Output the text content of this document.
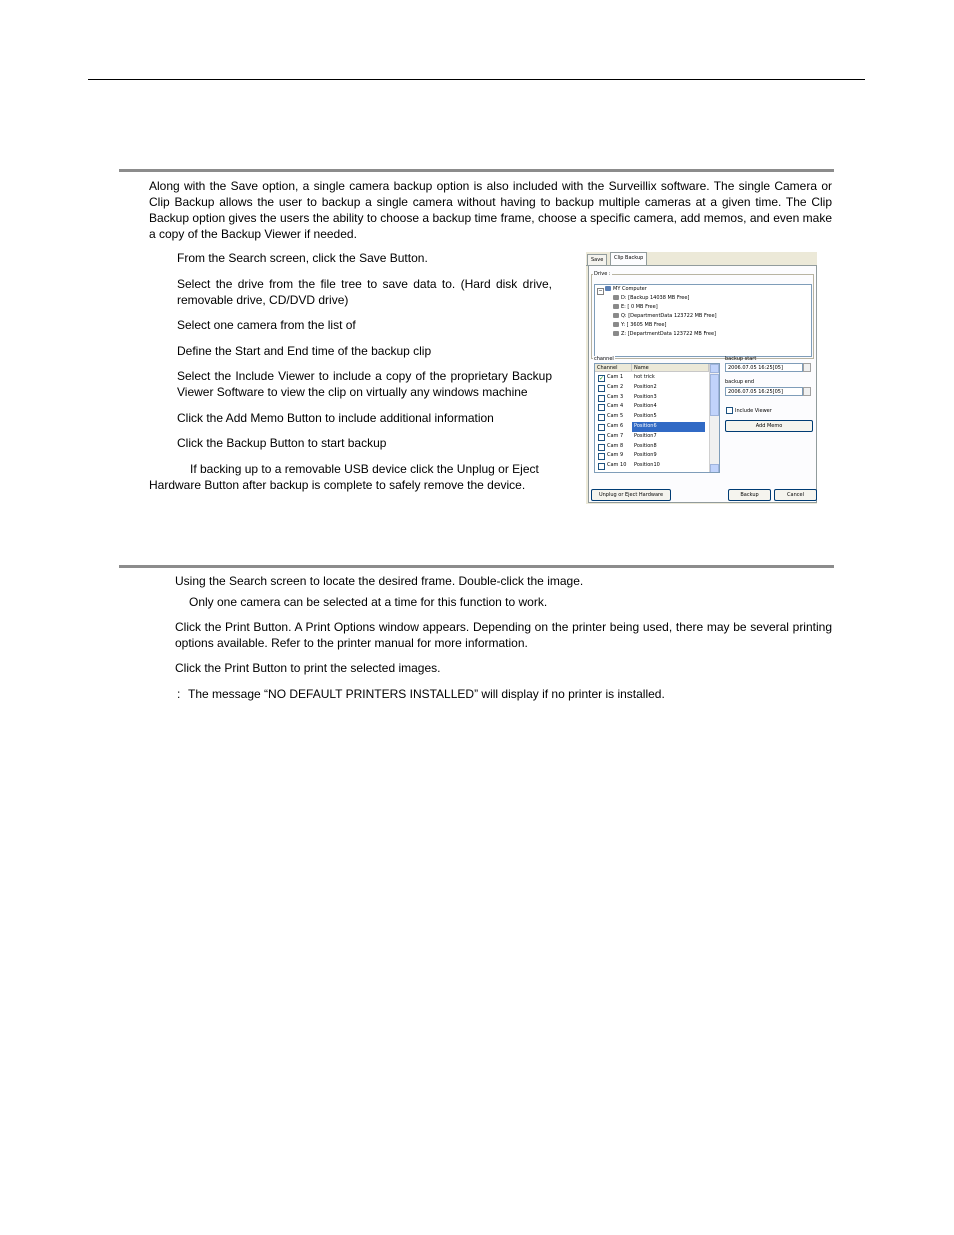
Along with the Save option, a single camera backup option is also included with the Surveillix software. The single Camera or Clip Backup allows the user to backup a single camera without having to backup multiple cameras at a given time. The Clip Backup option gives the users the ability to choose a backup time frame, choose a specific camera, add memos, and even make a copy of the Backup Viewer if needed.
From the Search screen, click the Save Button.
Select the drive from the file tree to save data to. (Hard disk drive, removable drive, CD/DVD drive)
Select one camera from the list of
Define the Start and End time of the backup clip
Select the Include Viewer to include a copy of the proprietary Backup Viewer Software to view the clip on virtually any windows machine
Click the Add Memo Button to include additional information
Click the Backup Button to start backup
If backing up to a removable USB device click the Unplug or Eject
Hardware Button after backup is complete to safely remove the device.
Save	Clip Backup
Drive :
−	MY Computer
D: [Backup 14038 MB Free]
E: [ 0 MB Free]
Q: [DepartmentData 123722 MB Free]
Y: [ 3605 MB Free]
Z: [DepartmentData 123722 MB Free]
channel
Channel	Name
✓
Cam 1	hot trick
Cam 2	Position2
Cam 3	Position3
Cam 4	Position4
Cam 5	Position5
Cam 6	Position6
Cam 7	Position7
Cam 8	Position8
Cam 9	Position9
Cam 10	Position10
backup start
2006.07.05 16:25[05]
backup end
2006.07.05 16:25[05]
Include Viewer
Add Memo
Unplug or Eject Hardware	Backup	Cancel
Using the Search screen to locate the desired frame. Double-click the image.
Only one camera can be selected at a time for this function to work.
Click the Print Button. A Print Options window appears. Depending on the printer being used, there may be several printing options available. Refer to the printer manual for more information.
Click the Print Button to print the selected images.
: The message “NO DEFAULT PRINTERS INSTALLED” will display if no printer is installed.
